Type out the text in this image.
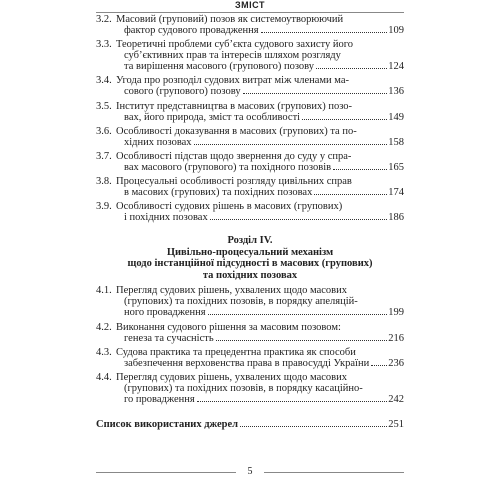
ЗМІСТ
3.2. Масовий (груповий) позов як системоутворюючий
фактор судового провадження	109
3.3. Теоретичні проблеми суб’єкта судового захисту його
суб’єктивних прав та інтересів шляхом розгляду
та вирішення масового (групового) позову	124
3.4. Угода про розподіл судових витрат між членами ма-
сового (групового) позову	136
3.5. Інститут представництва в масових (групових) позо-
вах, його природа, зміст та особливості	149
3.6. Особливості доказування в масових (групових) та по-
хідних позовах	158
3.7. Особливості підстав щодо звернення до суду у спра-
вах масового (групового) та похідного позовів	165
3.8. Процесуальні особливості розгляду цивільних справ
в масових (групових) та похідних позовах	174
3.9. Особливості судових рішень в масових (групових)
і похідних позовах	186
Розділ IV.
Цивільно-процесуальний механізм
щодо інстанційної підсудності в масових (групових)
та похідних позовах
4.1. Перегляд судових рішень, ухвалених щодо масових
(групових) та похідних позовів, в порядку апеляцій-
ного провадження	199
4.2. Виконання судового рішення за масовим позовом:
генеза та сучасність	216
4.3. Судова практика та прецедентна практика як способи
забезпечення верховенства права в правосудді України 236
4.4. Перегляд судових рішень, ухвалених щодо масових
(групових) та похідних позовів, в порядку касаційно-
го провадження	242
Список використаних джерел	251
5
